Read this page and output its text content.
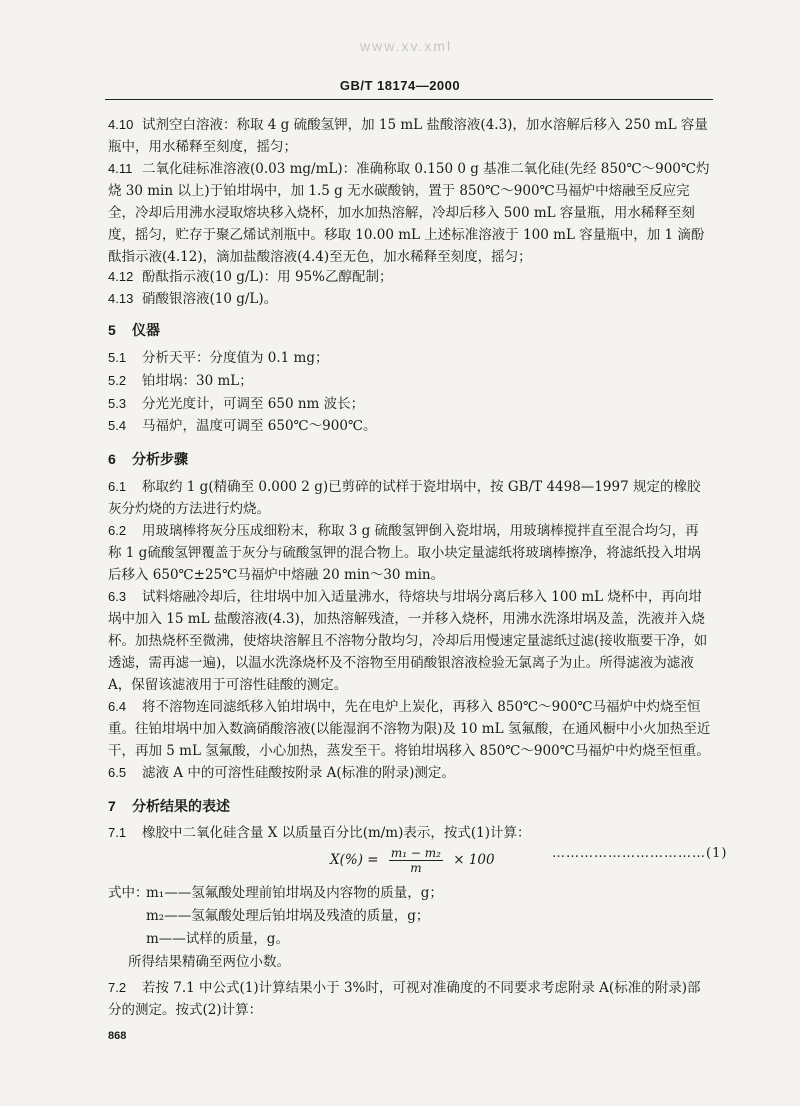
www.xv.xml
GB/T 18174—2000
4.10 试剂空白溶液：称取 4 g 硫酸氢钾，加 15 mL 盐酸溶液(4.3)，加水溶解后移入 250 mL 容量瓶中，用水稀释至刻度，摇匀；
4.11 二氧化硅标准溶液(0.03 mg/mL)：准确称取 0.150 0 g 基准二氧化硅(先经 850℃～900℃灼烧 30 min 以上)于铂坩埚中，加 1.5 g 无水碳酸钠，置于 850℃～900℃马福炉中熔融至反应完全，冷却后用沸水浸取熔块移入烧杯，加水加热溶解，冷却后移入 500 mL 容量瓶，用水稀释至刻度，摇匀，贮存于聚乙烯试剂瓶中。移取 10.00 mL 上述标准溶液于 100 mL 容量瓶中，加 1 滴酚酞指示液(4.12)，滴加盐酸溶液(4.4)至无色，加水稀释至刻度，摇匀；
4.12 酚酞指示液(10 g/L)：用 95%乙醇配制；
4.13 硝酸银溶液(10 g/L)。
5 仪器
5.1 分析天平：分度值为 0.1 mg；
5.2 铂坩埚：30 mL；
5.3 分光光度计，可调至 650 nm 波长；
5.4 马福炉，温度可调至 650℃～900℃。
6 分析步骤
6.1 称取约 1 g(精确至 0.000 2 g)已剪碎的试样于瓷坩埚中，按 GB/T 4498—1997 规定的橡胶灰分灼烧的方法进行灼烧。
6.2 用玻璃棒将灰分压成细粉末，称取 3 g 硫酸氢钾倒入瓷坩埚，用玻璃棒搅拌直至混合均匀，再称 1 g硫酸氢钾覆盖于灰分与硫酸氢钾的混合物上。取小块定量滤纸将玻璃棒擦净，将滤纸投入坩埚后移入 650℃±25℃马福炉中熔融 20 min～30 min。
6.3 试料熔融冷却后，往坩埚中加入适量沸水，待熔块与坩埚分离后移入 100 mL 烧杯中，再向坩埚中加入 15 mL 盐酸溶液(4.3)，加热溶解残渣，一并移入烧杯，用沸水洗涤坩埚及盖，洗液并入烧杯。加热烧杯至微沸，使熔块溶解且不溶物分散均匀，冷却后用慢速定量滤纸过滤(接收瓶要干净，如透滤，需再滤一遍)，以温水洗涤烧杯及不溶物至用硝酸银溶液检验无氯离子为止。所得滤液为滤液 A，保留该滤液用于可溶性硅酸的测定。
6.4 将不溶物连同滤纸移入铂坩埚中，先在电炉上炭化，再移入 850℃～900℃马福炉中灼烧至恒重。往铂坩埚中加入数滴硝酸溶液(以能湿润不溶物为限)及 10 mL 氢氟酸，在通风橱中小火加热至近干，再加 5 mL 氢氟酸，小心加热，蒸发至干。将铂坩埚移入 850℃～900℃马福炉中灼烧至恒重。
6.5 滤液 A 中的可溶性硅酸按附录 A(标准的附录)测定。
7 分析结果的表述
7.1 橡胶中二氧化硅含量 X 以质量百分比(m/m)表示，按式(1)计算：
$X(\%) = \frac{\text{m₁ − m₂}}{m} \times 100$	……………………………(1)
式中：
m₁——氢氟酸处理前铂坩埚及内容物的质量，g；
m₂——氢氟酸处理后铂坩埚及残渣的质量，g；
m——试样的质量，g。
所得结果精确至两位小数。
7.2 若按 7.1 中公式(1)计算结果小于 3%时，可视对准确度的不同要求考虑附录 A(标准的附录)部分的测定。按式(2)计算：
868
